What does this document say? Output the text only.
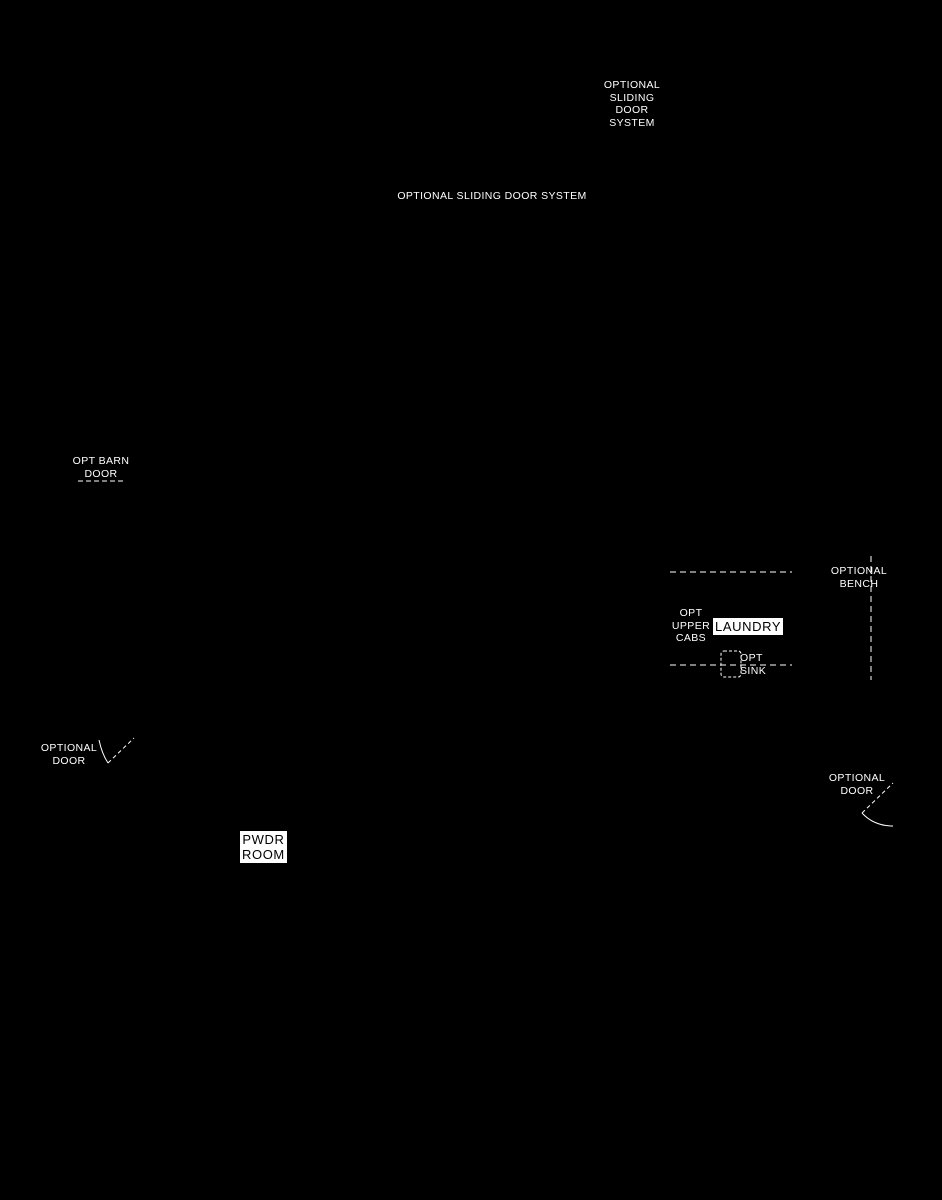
OPTIONAL
SLIDING
DOOR
SYSTEM
OPTIONAL SLIDING DOOR SYSTEM
OPT BARN
DOOR
OPTIONAL
BENCH
OPT
UPPER
CABS
LAUNDRY
OPT
SINK
OPTIONAL
DOOR
OPTIONAL
DOOR
PWDR
ROOM
